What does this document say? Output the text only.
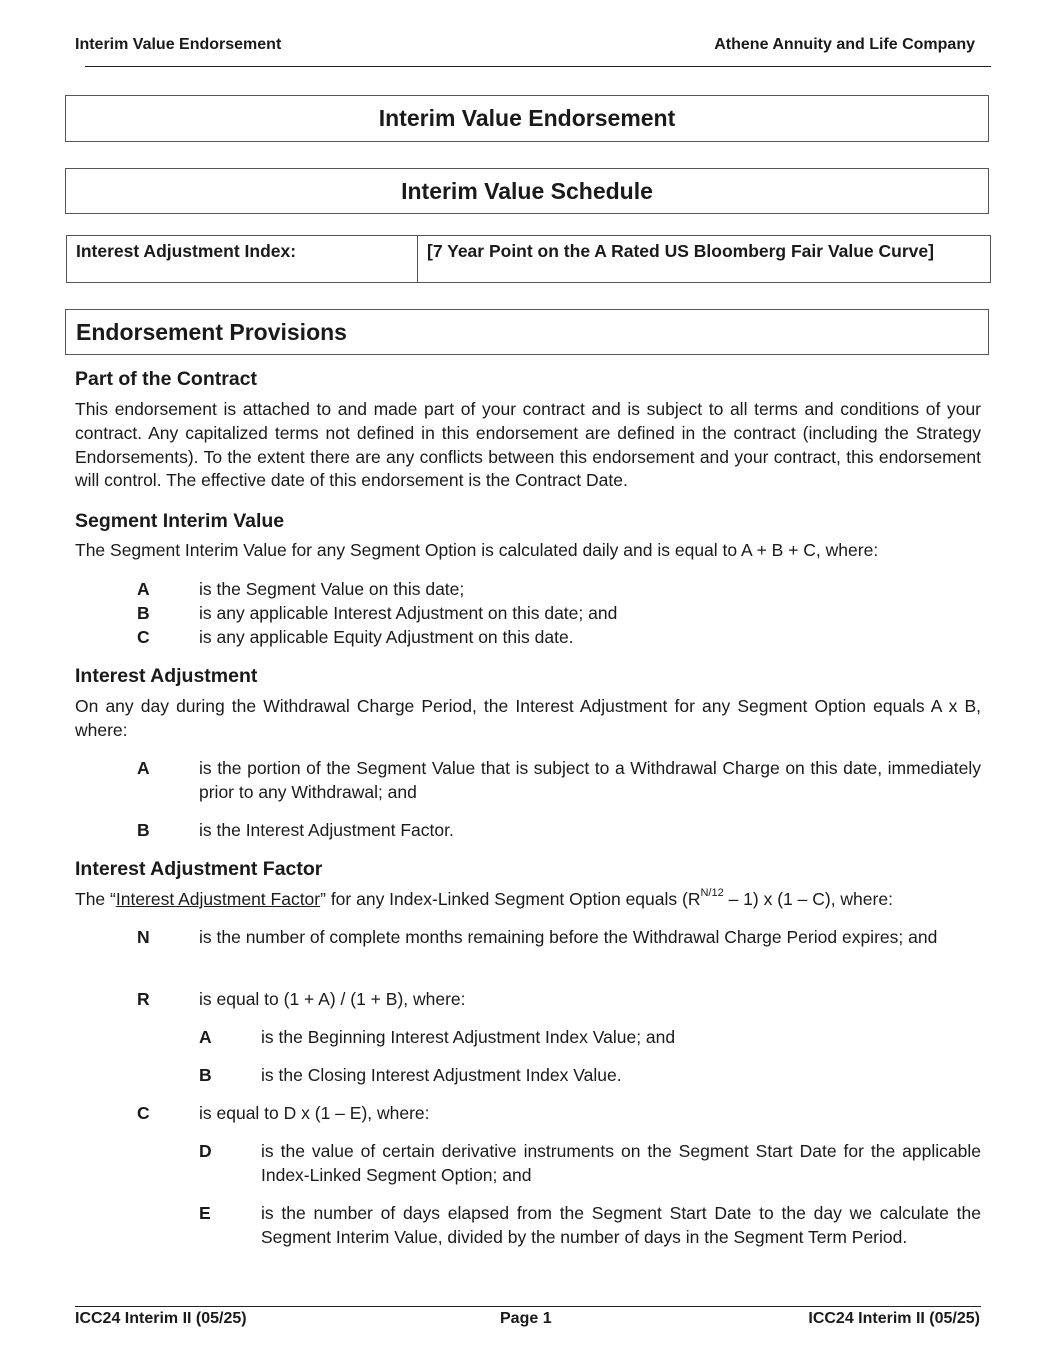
Interim Value Endorsement	Athene Annuity and Life Company
Interim Value Endorsement
Interim Value Schedule
Interest Adjustment Index:	[7 Year Point on the A Rated US Bloomberg Fair Value Curve]
Endorsement Provisions
Part of the Contract
This endorsement is attached to and made part of your contract and is subject to all terms and conditions of your contract. Any capitalized terms not defined in this endorsement are defined in the contract (including the Strategy Endorsements). To the extent there are any conflicts between this endorsement and your contract, this endorsement will control. The effective date of this endorsement is the Contract Date.
Segment Interim Value
The Segment Interim Value for any Segment Option is calculated daily and is equal to A + B + C, where:
A	is the Segment Value on this date;
B	is any applicable Interest Adjustment on this date; and
C	is any applicable Equity Adjustment on this date.
Interest Adjustment
On any day during the Withdrawal Charge Period, the Interest Adjustment for any Segment Option equals A x B, where:
A	is the portion of the Segment Value that is subject to a Withdrawal Charge on this date, immediately prior to any Withdrawal; and
B	is the Interest Adjustment Factor.
Interest Adjustment Factor
The “Interest Adjustment Factor” for any Index-Linked Segment Option equals $(R^{N/12} - 1)$ x (1 – C), where:
N	is the number of complete months remaining before the Withdrawal Charge Period expires; and
R	is equal to (1 + A) / (1 + B), where:
A	is the Beginning Interest Adjustment Index Value; and
B	is the Closing Interest Adjustment Index Value.
C	is equal to D x (1 – E), where:
D	is the value of certain derivative instruments on the Segment Start Date for the applicable Index-Linked Segment Option; and
E	is the number of days elapsed from the Segment Start Date to the day we calculate the Segment Interim Value, divided by the number of days in the Segment Term Period.
ICC24 Interim II (05/25)	Page 1	ICC24 Interim II (05/25)
